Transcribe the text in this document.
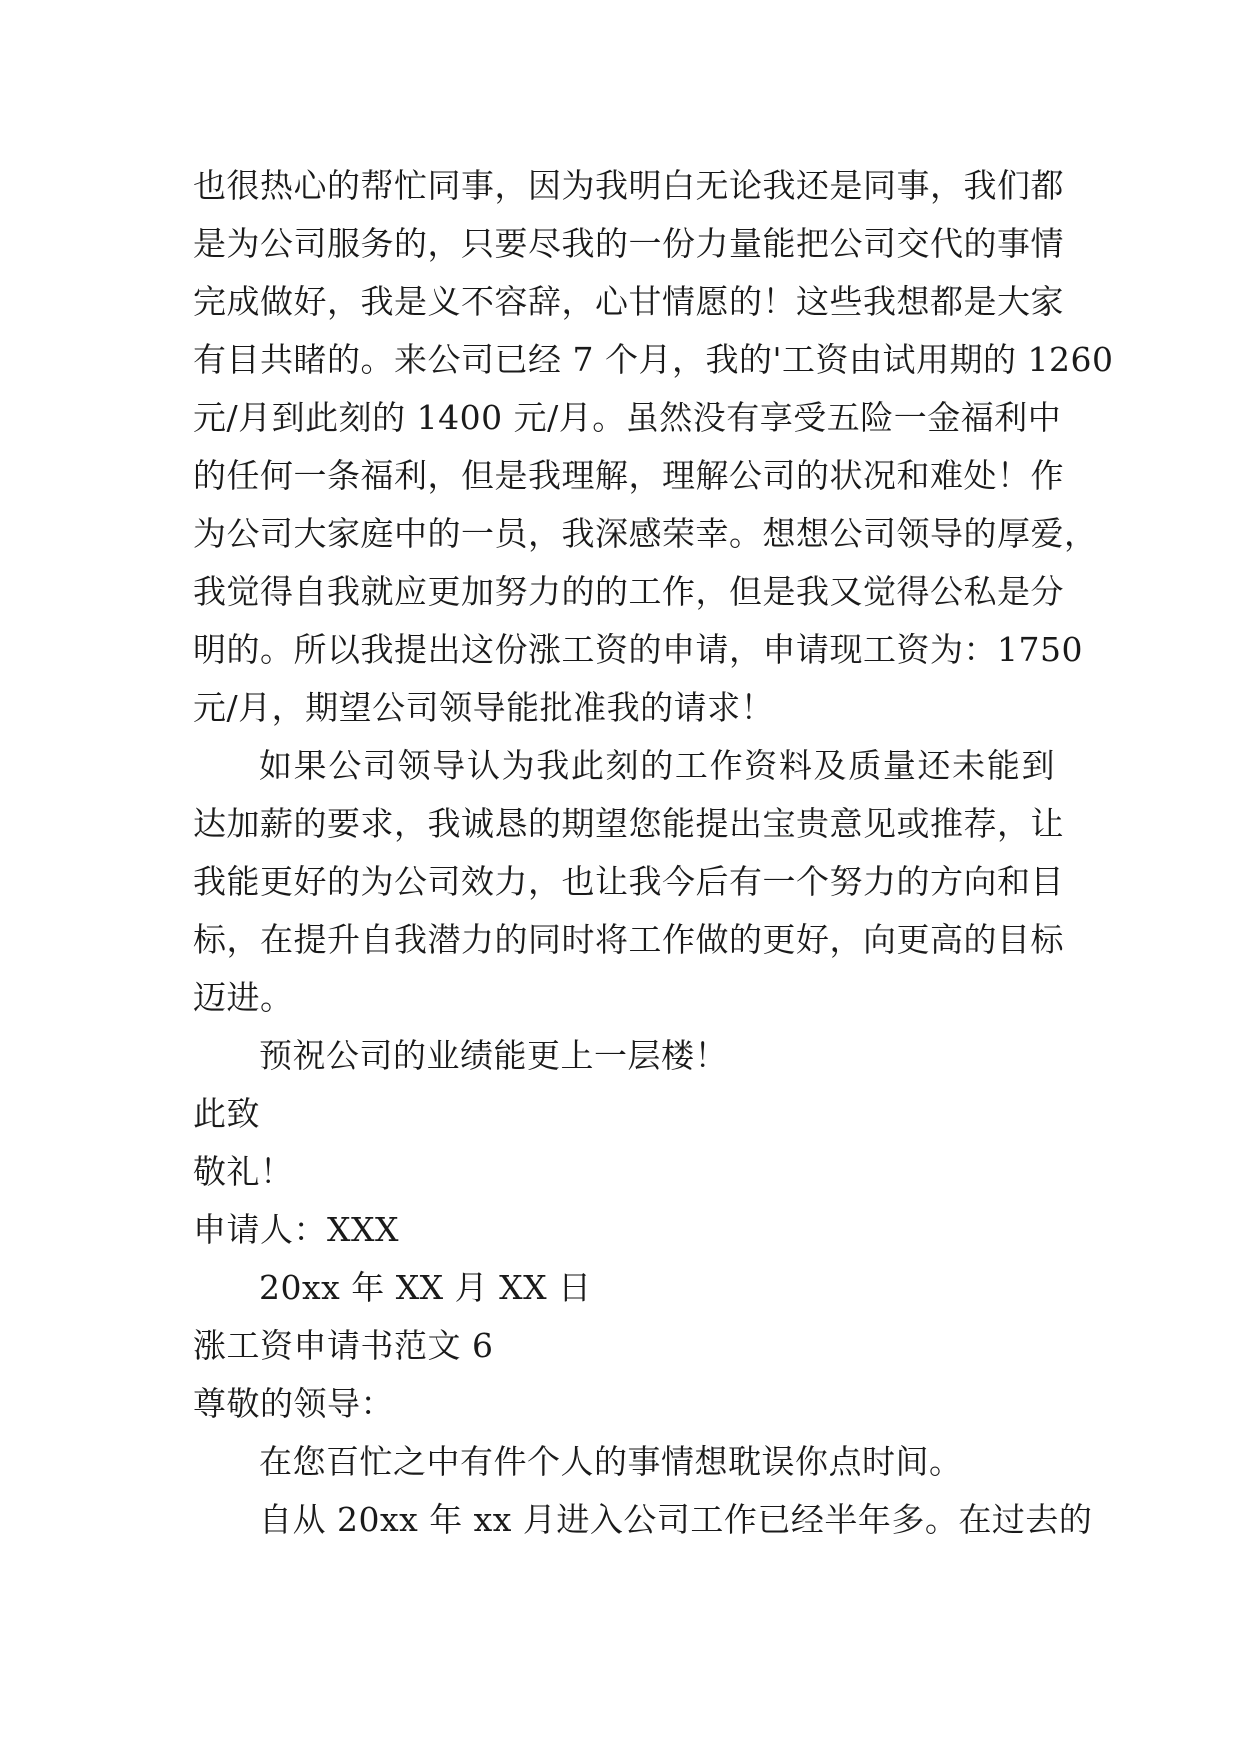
也很热心的帮忙同事，因为我明白无论我还是同事，我们都
是为公司服务的，只要尽我的一份力量能把公司交代的事情
完成做好，我是义不容辞，心甘情愿的！这些我想都是大家
有目共睹的。来公司已经 7 个月，我的'工资由试用期的 1260
元/月到此刻的 1400 元/月。虽然没有享受五险一金福利中
的任何一条福利，但是我理解，理解公司的状况和难处！作
为公司大家庭中的一员，我深感荣幸。想想公司领导的厚爱，
我觉得自我就应更加努力的的工作，但是我又觉得公私是分
明的。所以我提出这份涨工资的申请，申请现工资为：1750
元/月，期望公司领导能批准我的请求！
如果公司领导认为我此刻的工作资料及质量还未能到
达加薪的要求，我诚恳的期望您能提出宝贵意见或推荐，让
我能更好的为公司效力，也让我今后有一个努力的方向和目
标，在提升自我潜力的同时将工作做的更好，向更高的目标
迈进。
预祝公司的业绩能更上一层楼！
此致
敬礼！
申请人：XXX
20xx 年 XX 月 XX 日
涨工资申请书范文 6
尊敬的领导：
在您百忙之中有件个人的事情想耽误你点时间。
自从 20xx 年 xx 月进入公司工作已经半年多。在过去的
